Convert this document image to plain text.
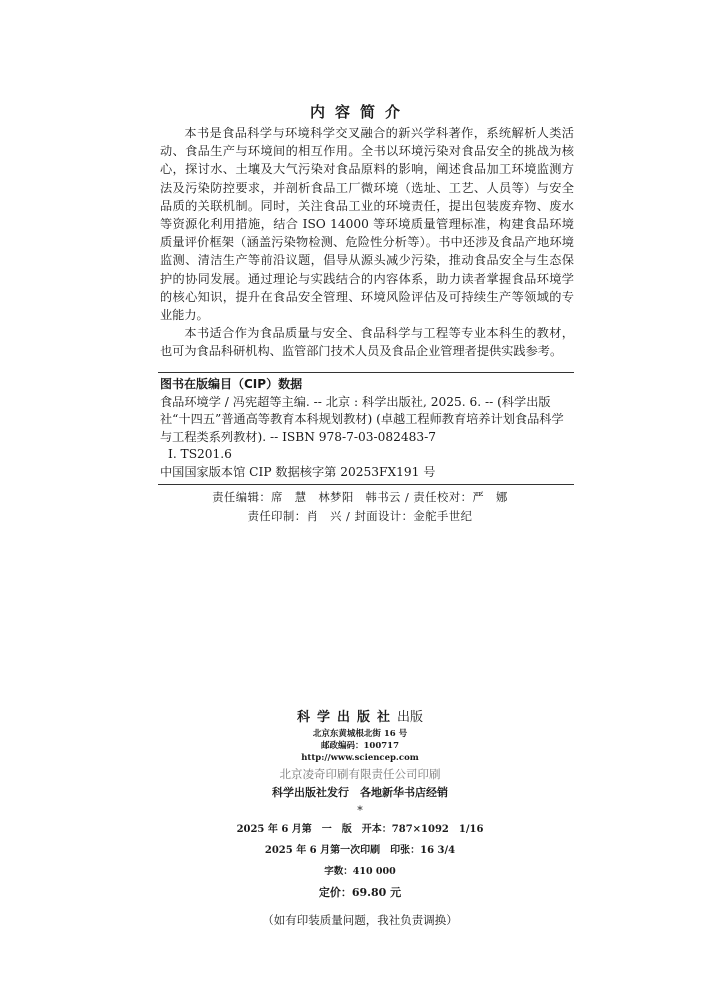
内容简介

本书是食品科学与环境科学交叉融合的新兴学科著作，系统解析人类活动、食品生产与环境间的相互作用。全书以环境污染对食品安全的挑战为核心，探讨水、土壤及大气污染对食品原料的影响，阐述食品加工环境监测方法及污染防控要求，并剖析食品工厂微环境（选址、工艺、人员等）与安全品质的关联机制。同时，关注食品工业的环境责任，提出包装废弃物、废水等资源化利用措施，结合 ISO 14000 等环境质量管理标准，构建食品环境质量评价框架（涵盖污染物检测、危险性分析等）。书中还涉及食品产地环境监测、清洁生产等前沿议题，倡导从源头减少污染，推动食品安全与生态保护的协同发展。通过理论与实践结合的内容体系，助力读者掌握食品环境学的核心知识，提升在食品安全管理、环境风险评估及可持续生产等领域的专业能力。

本书适合作为食品质量与安全、食品科学与工程等专业本科生的教材，也可为食品科研机构、监管部门技术人员及食品企业管理者提供实践参考。

图书在版编目（CIP）数据
食品环境学 / 冯宪超等主编. -- 北京 : 科学出版社, 2025. 6. -- (科学出版社“十四五”普通高等教育本科规划教材) (卓越工程师教育培养计划食品科学与工程类系列教材). -- ISBN 978-7-03-082483-7
Ⅰ. TS201.6
中国国家版本馆 CIP 数据核字第 20253FX191 号
责任编辑：席　慧　林梦阳　韩书云 / 责任校对：严　娜
责任印制：肖　兴 / 封面设计：金舵手世纪
科学出版社出版
北京东黄城根北街 16 号
邮政编码：100717
http://www.sciencep.com
北京凌奇印刷有限责任公司印刷
科学出版社发行　各地新华书店经销
*
2025 年 6 月第　一　版　开本：787×1092　1/16
2025 年 6 月第一次印刷　印张：16 3/4
字数：410 000
定价：69.80 元
（如有印装质量问题，我社负责调换）
